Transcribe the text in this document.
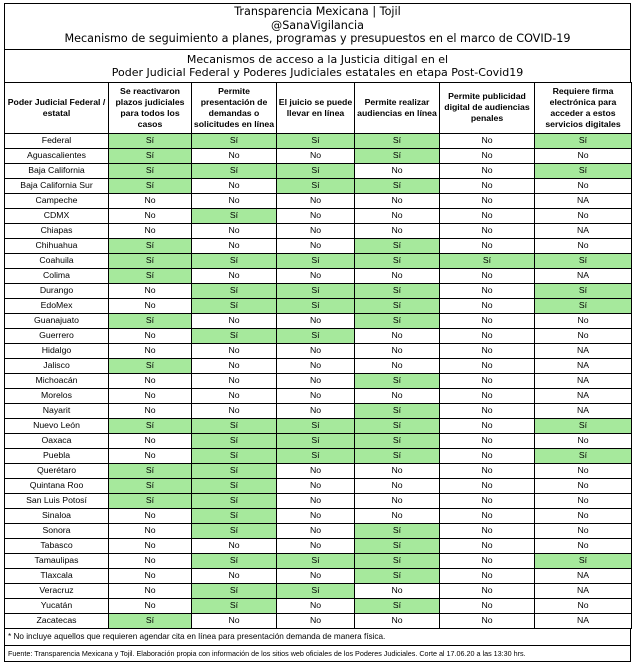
Transparencia Mexicana | Tojil
@SanaVigilancia
Mecanismo de seguimiento a planes, programas y presupuestos en el marco de COVID-19
Mecanismos de acceso a la Justicia ditigal en el
Poder Judicial Federal y Poderes Judiciales estatales en etapa Post-Covid19
Poder Judicial Federal / estatal	Se reactivaron plazos judiciales para todos los casos	Permite presentación de demandas o solicitudes en línea	El juicio se puede llevar en línea	Permite realizar audiencias en línea	Permite publicidad digital de audiencias penales	Requiere firma electrónica para acceder a estos servicios digitales
Federal	Sí	Sí	Sí	Sí	No	Sí
Aguascalientes	Sí	No	No	Sí	No	No
Baja California	Sí	Sí	Sí	No	No	Sí
Baja California Sur	Sí	No	Sí	Sí	No	No
Campeche	No	No	No	No	No	NA
CDMX	No	Sí	No	No	No	No
Chiapas	No	No	No	No	No	NA
Chihuahua	Sí	No	No	Sí	No	No
Coahuila	Sí	Sí	Sí	Sí	Sí	Sí
Colima	Sí	No	No	No	No	NA
Durango	No	Sí	Sí	Sí	No	Sí
EdoMex	No	Sí	Sí	Sí	No	Sí
Guanajuato	Sí	No	No	Sí	No	No
Guerrero	No	Sí	Sí	No	No	No
Hidalgo	No	No	No	No	No	NA
Jalisco	Sí	No	No	No	No	NA
Michoacán	No	No	No	Sí	No	NA
Morelos	No	No	No	No	No	NA
Nayarit	No	No	No	Sí	No	NA
Nuevo León	Sí	Sí	Sí	Sí	No	Sí
Oaxaca	No	Sí	Sí	Sí	No	No
Puebla	No	Sí	Sí	Sí	No	Sí
Querétaro	Sí	Sí	No	No	No	No
Quintana Roo	Sí	Sí	No	No	No	No
San Luis Potosí	Sí	Sí	No	No	No	No
Sinaloa	No	Sí	No	No	No	No
Sonora	No	Sí	No	Sí	No	No
Tabasco	No	No	No	Sí	No	No
Tamaulipas	No	Sí	Sí	Sí	No	Sí
Tlaxcala	No	No	No	Sí	No	NA
Veracruz	No	Sí	Sí	No	No	NA
Yucatán	No	Sí	No	Sí	No	No
Zacatecas	Sí	No	No	No	No	NA
* No incluye aquellos que requieren agendar cita en línea para presentación demanda de manera física.
Fuente: Transparencia Mexicana y Tojil. Elaboración propia con información de los sitios web oficiales de los Poderes Judiciales. Corte al 17.06.20 a las 13:30 hrs.
